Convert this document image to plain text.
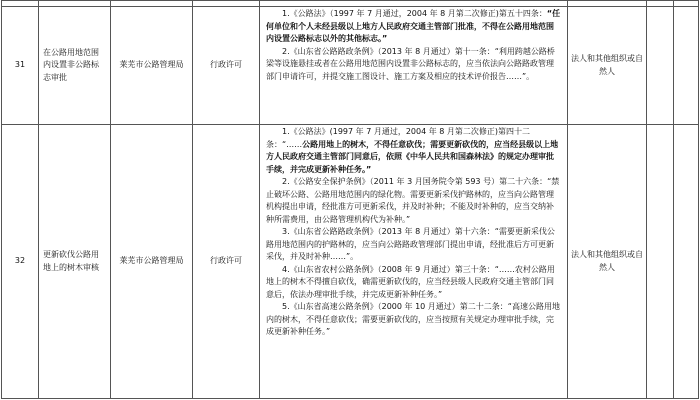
31	在公路用地范围内设置非公路标志审批	莱芜市公路管理局	行政许可	1.《公路法》（1997 年 7 月通过，2004 年 8 月第二次修正)第五十四条：“任何单位和个人未经县级以上地方人民政府交通主管部门批准，不得在公路用地范围内设置公路标志以外的其他标志。”

2.《山东省公路路政条例》（2013 年 8 月通过）第十一条：“利用跨越公路桥梁等设施悬挂或者在公路用地范围内设置非公路标志的，应当依法向公路路政管理部门申请许可，并提交施工图设计、施工方案及相应的技术评价报告……”。	法人和其他组织或自然人		
32	更新砍伐公路用地上的树木审核	莱芜市公路管理局	行政许可	1.《公路法》(1997 年 7 月通过，2004 年 8 月第二次修正)第四十二条：“……公路用地上的树木，不得任意砍伐；需要更新砍伐的，应当经县级以上地方人民政府交通主管部门同意后，依照《中华人民共和国森林法》的规定办理审批手续，并完成更新补种任务。”

2.《公路安全保护条例》（2011 年 3 月国务院令第 593 号）第二十六条：“禁止破坏公路、公路用地范围内的绿化物。需要更新采伐护路林的，应当向公路管理机构提出申请，经批准方可更新采伐，并及时补种；不能及时补种的，应当交纳补种所需费用，由公路管理机构代为补种。”

3.《山东省公路路政条例》（2013 年 8 月通过）第十六条：“需要更新采伐公路用地范围内的护路林的，应当向公路路政管理部门提出申请，经批准后方可更新采伐，并及时补种……”。

4.《山东省农村公路条例》（2008 年 9 月通过）第三十条：“……农村公路用地上的树木不得擅自砍伐，确需更新砍伐的，应当经县级人民政府交通主管部门同意后，依法办理审批手续，并完成更新补种任务。”

5.《山东省高速公路条例》（2000 年 10 月通过）第二十二条：“高速公路用地内的树木，不得任意砍伐；需要更新砍伐的，应当按照有关规定办理审批手续，完成更新补种任务。”	法人和其他组织或自然人		
